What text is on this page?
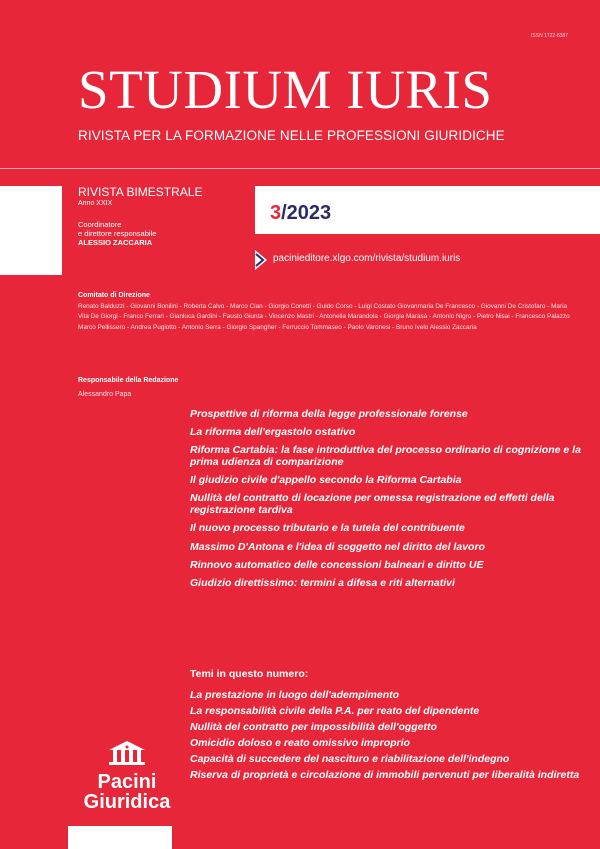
ISSN 1722-8387
STUDIUM IURIS
RIVISTA PER LA FORMAZIONE NELLE PROFESSIONI GIURIDICHE
RIVISTA BIMESTRALE
Anno XXIX
Coordinatore
e direttore responsabile
ALESSIO ZACCARIA
3/2023
pacinieditore.xlgo.com/rivista/studium.iuris
Comitato di Direzione
Renato Balduzzi - Giovanni Bonilini - Roberta Calvo - Marco Cian - Giorgio Conetti - Guido Corso - Luigi Costato Giovanmaria De Francesco - Giovanni De Cristofaro - Maria Vita De Giorgi - Franco Ferrari - Gianluca Gardini - Fausto Giunta - Vincenzo Mastri - Antonella Marandola - Giorgia Marasà - Antonio Nigro - Pietro Nisai - Francesco Palazzo Marco Pellissero - Andrea Pugiotto - Antonio Serra - Giorgio Spangher - Ferruccio Tommaseo - Paolo Varonesi - Bruno Ivelo Alessio Zaccaria
Responsabile della Redazione
Alessandro Papa
Prospettive di riforma della legge professionale forense
La riforma dell'ergastolo ostativo
Riforma Cartabia: la fase introduttiva del processo ordinario di cognizione e la prima udienza di comparizione
Il giudizio civile d'appello secondo la Riforma Cartabia
Nullità del contratto di locazione per omessa registrazione ed effetti della registrazione tardiva
Il nuovo processo tributario e la tutela del contribuente
Massimo D'Antona e l'idea di soggetto nel diritto del lavoro
Rinnovo automatico delle concessioni balneari e diritto UE
Giudizio direttissimo: termini a difesa e riti alternativi
Temi in questo numero:
La prestazione in luogo dell'adempimento
La responsabilità civile della P.A. per reato del dipendente
Nullità del contratto per impossibilità dell'oggetto
Omicidio doloso e reato omissivo improprio
Capacità di succedere del nascituro e riabilitazione dell'indegno
Riserva di proprietà e circolazione di immobili pervenuti per liberalità indiretta
Pacini
Giuridica
